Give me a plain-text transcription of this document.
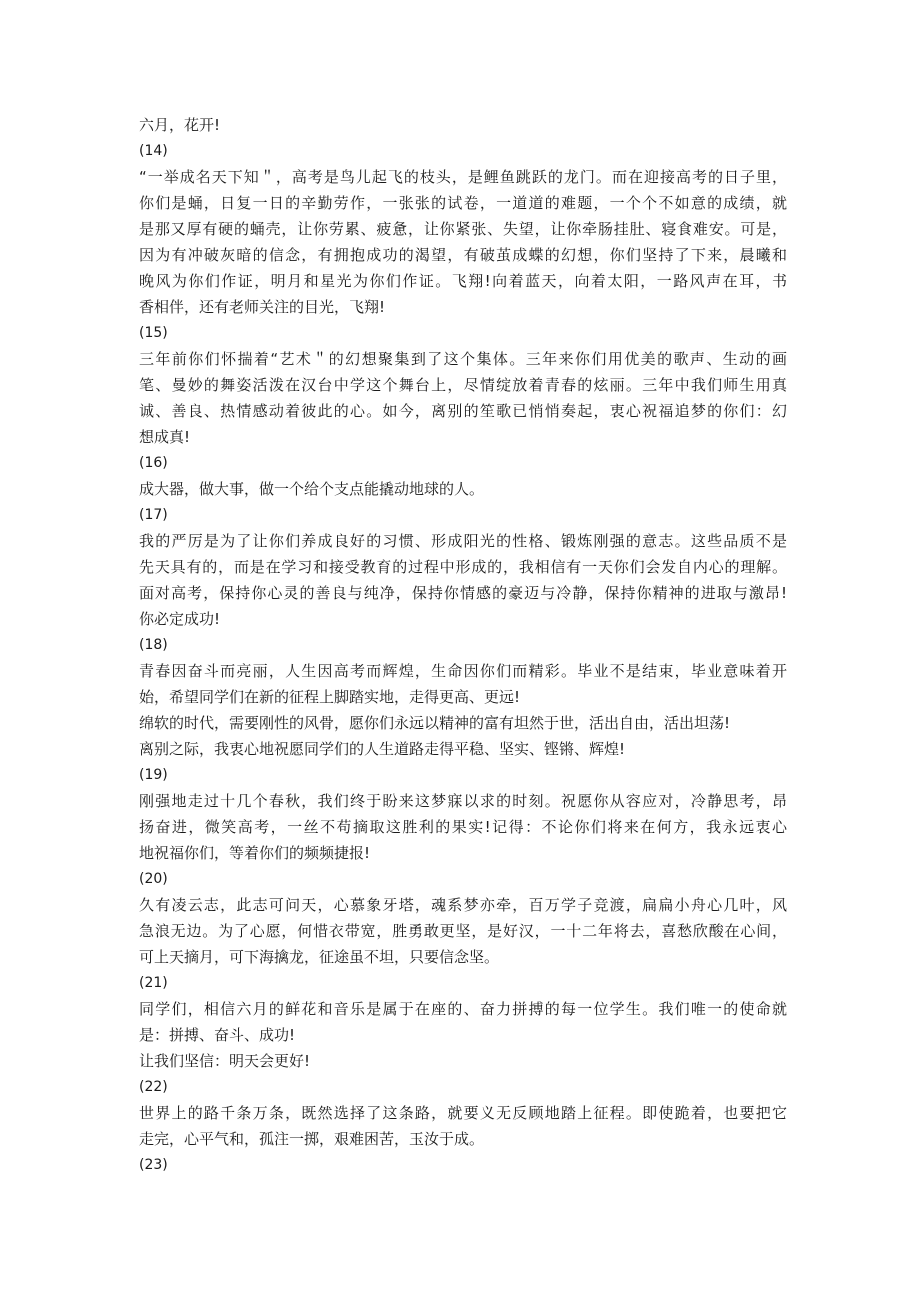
六月，花开!
(14)
“一举成名天下知＂，高考是鸟儿起飞的枝头，是鲤鱼跳跃的龙门。而在迎接高考的日子里，
你们是蛹，日复一日的辛勤劳作，一张张的试卷，一道道的难题，一个个不如意的成绩，就
是那又厚有硬的蛹壳，让你劳累、疲惫，让你紧张、失望，让你牵肠挂肚、寝食难安。可是，
因为有冲破灰暗的信念，有拥抱成功的渴望，有破茧成蝶的幻想，你们坚持了下来，晨曦和
晚风为你们作证，明月和星光为你们作证。飞翔!向着蓝天，向着太阳，一路风声在耳，书
香相伴，还有老师关注的目光，飞翔!
(15)
三年前你们怀揣着“艺术＂的幻想聚集到了这个集体。三年来你们用优美的歌声、生动的画
笔、曼妙的舞姿活泼在汉台中学这个舞台上，尽情绽放着青春的炫丽。三年中我们师生用真
诚、善良、热情感动着彼此的心。如今，离别的笙歌已悄悄奏起，衷心祝福追梦的你们：幻
想成真!
(16)
成大器，做大事，做一个给个支点能撬动地球的人。
(17)
我的严厉是为了让你们养成良好的习惯、形成阳光的性格、锻炼刚强的意志。这些品质不是
先天具有的，而是在学习和接受教育的过程中形成的，我相信有一天你们会发自内心的理解。
面对高考，保持你心灵的善良与纯净，保持你情感的豪迈与冷静，保持你精神的进取与激昂!
你必定成功!
(18)
青春因奋斗而亮丽，人生因高考而辉煌，生命因你们而精彩。毕业不是结束，毕业意味着开
始，希望同学们在新的征程上脚踏实地，走得更高、更远!
绵软的时代，需要刚性的风骨，愿你们永远以精神的富有坦然于世，活出自由，活出坦荡!
离别之际，我衷心地祝愿同学们的人生道路走得平稳、坚实、铿锵、辉煌!
(19)
刚强地走过十几个春秋，我们终于盼来这梦寐以求的时刻。祝愿你从容应对，冷静思考，昂
扬奋进，微笑高考，一丝不苟摘取这胜利的果实!记得：不论你们将来在何方，我永远衷心
地祝福你们，等着你们的频频捷报!
(20)
久有凌云志，此志可问天，心慕象牙塔，魂系梦亦牵，百万学子竞渡，扁扁小舟心几叶，风
急浪无边。为了心愿，何惜衣带宽，胜勇敢更坚，是好汉，一十二年将去，喜愁欣酸在心间，
可上天摘月，可下海擒龙，征途虽不坦，只要信念坚。
(21)
同学们，相信六月的鲜花和音乐是属于在座的、奋力拼搏的每一位学生。我们唯一的使命就
是：拼搏、奋斗、成功!
让我们坚信：明天会更好!
(22)
世界上的路千条万条，既然选择了这条路，就要义无反顾地踏上征程。即使跪着，也要把它
走完，心平气和，孤注一掷，艰难困苦，玉汝于成。
(23)
